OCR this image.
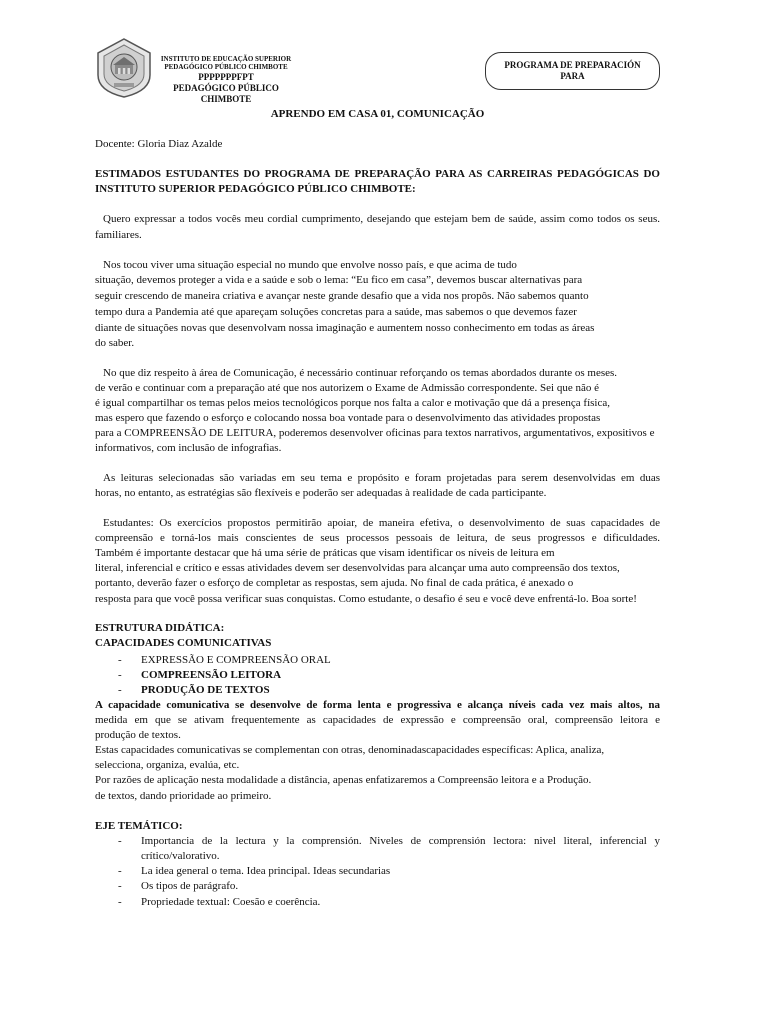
INSTITUTO DE EDUCAÇÃO SUPERIOR
PEDAGÓGICO PÚBLICO CHIMBOTE
PPPPPPPFPT
PEDAGÓGICO PÚBLICO
CHIMBOTE
PROGRAMA DE PREPARACIÓN
PARA
APRENDO EM CASA 01, COMUNICAÇÃO
Docente: Gloria Diaz Azalde
ESTIMADOS ESTUDANTES DO PROGRAMA DE PREPARAÇÃO PARA AS CARREIRAS PEDAGÓGICAS DO
INSTITUTO SUPERIOR PEDAGÓGICO PÚBLICO CHIMBOTE:
Quero expressar a todos vocês meu cordial cumprimento, desejando que estejam bem de saúde, assim como todos os seus.
familiares.
Nos tocou viver uma situação especial no mundo que envolve nosso país, e que acima de tudo
situação, devemos proteger a vida e a saúde e sob o lema: “Eu fico em casa”, devemos buscar alternativas para
seguir crescendo de maneira criativa e avançar neste grande desafio que a vida nos propôs. Não sabemos quanto
tempo dura a Pandemia até que apareçam soluções concretas para a saúde, mas sabemos o que devemos fazer
diante de situações novas que desenvolvam nossa imaginação e aumentem nosso conhecimento em todas as áreas
do saber.
No que diz respeito à área de Comunicação, é necessário continuar reforçando os temas abordados durante os meses.
de verão e continuar com a preparação até que nos autorizem o Exame de Admissão correspondente. Sei que não é
é igual compartilhar os temas pelos meios tecnológicos porque nos falta a calor e motivação que dá a presença física,
mas espero que fazendo o esforço e colocando nossa boa vontade para o desenvolvimento das atividades propostas
para a COMPREENSÃO DE LEITURA, poderemos desenvolver oficinas para textos narrativos, argumentativos, expositivos e
informativos, com inclusão de infografias.
As leituras selecionadas são variadas em seu tema e propósito e foram projetadas para serem desenvolvidas em duas
horas, no entanto, as estratégias são flexíveis e poderão ser adequadas à realidade de cada participante.
Estudantes: Os exercícios propostos permitirão apoiar, de maneira efetiva, o desenvolvimento de suas capacidades de
compreensão e torná-los mais conscientes de seus processos pessoais de leitura, de seus progressos e dificuldades.
Também é importante destacar que há uma série de práticas que visam identificar os níveis de leitura em
literal, inferencial e crítico e essas atividades devem ser desenvolvidas para alcançar uma auto compreensão dos textos,
portanto, deverão fazer o esforço de completar as respostas, sem ajuda. No final de cada prática, é anexado o
resposta para que você possa verificar suas conquistas. Como estudante, o desafio é seu e você deve enfrentá-lo. Boa sorte!
ESTRUTURA DIDÁTICA:
CAPACIDADES COMUNICATIVAS
-	EXPRESSÃO E COMPREENSÃO ORAL
-	COMPREENSÃO LEITORA
-	PRODUÇÃO DE TEXTOS
A capacidade comunicativa se desenvolve de forma lenta e progressiva e alcança níveis cada vez mais altos, na
medida em que se ativam frequentemente as capacidades de expressão e compreensão oral, compreensão leitora e
produção de textos.
Estas capacidades comunicativas se complementan con otras, denominadascapacidades específicas: Aplica, analiza,
selecciona, organiza, evalúa, etc.
Por razões de aplicação nesta modalidade a distância, apenas enfatizaremos a Compreensão leitora e a Produção.
de textos, dando prioridade ao primeiro.
EJE TEMÁTICO:
-	Importancia de la lectura y la comprensión. Niveles de comprensión lectora: nivel literal, inferencial y
crítico/valorativo.
-	La idea general o tema. Idea principal. Ideas secundarias
-	Os tipos de parágrafo.
-	Propriedade textual: Coesão e coerência.
